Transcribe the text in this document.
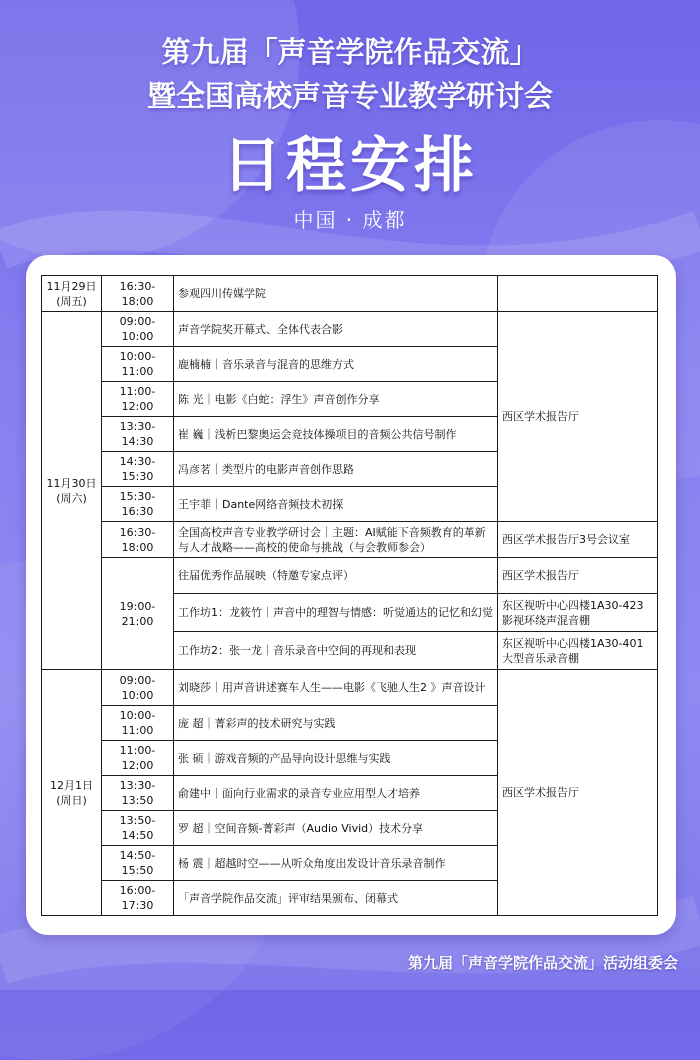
第九届「声音学院作品交流」
暨全国高校声音专业教学研讨会
日程安排
中国 · 成都
11月29日
(周五)	16:30-18:00	参观四川传媒学院	

11月30日
(周六)	09:00-10:00	声音学院奖开幕式、全体代表合影	西区学术报告厅
	10:00-11:00	鹿楠楠｜音乐录音与混音的思维方式	
	11:00-12:00	陈 光｜电影《白蛇：浮生》声音创作分享	
	13:30-14:30	崔 巍｜浅析巴黎奥运会竞技体操项目的音频公共信号制作	
	14:30-15:30	冯彦茗｜类型片的电影声音创作思路	
	15:30-16:30	王宇菲｜Dante网络音频技术初探	
	16:30-18:00	全国高校声音专业教学研讨会｜主题：AI赋能下音频教育的革新与人才战略——高校的使命与挑战（与会教师参会）	西区学术报告厅3号会议室
	19:00-21:00	往届优秀作品展映（特邀专家点评）	西区学术报告厅
		工作坊1：龙筱竹｜声音中的理智与情感：听觉通达的记忆和幻觉	东区视听中心四楼1A30-423影视环绕声混音棚
		工作坊2：张一龙｜音乐录音中空间的再现和表现	东区视听中心四楼1A30-401大型音乐录音棚

12月1日
(周日)	09:00-10:00	刘晓莎｜用声音讲述赛车人生——电影《飞驰人生2 》声音设计	西区学术报告厅
	10:00-11:00	庞 超｜菁彩声的技术研究与实践	
	11:00-12:00	张 硕｜游戏音频的产品导向设计思维与实践	
	13:30-13:50	俞建中｜面向行业需求的录音专业应用型人才培养	
	13:50-14:50	罗 超｜空间音频-菁彩声（Audio Vivid）技术分享	
	14:50-15:50	杨 震｜超越时空——从听众角度出发设计音乐录音制作	
	16:00-17:30	「声音学院作品交流」评审结果颁布、闭幕式	
第九届「声音学院作品交流」活动组委会
